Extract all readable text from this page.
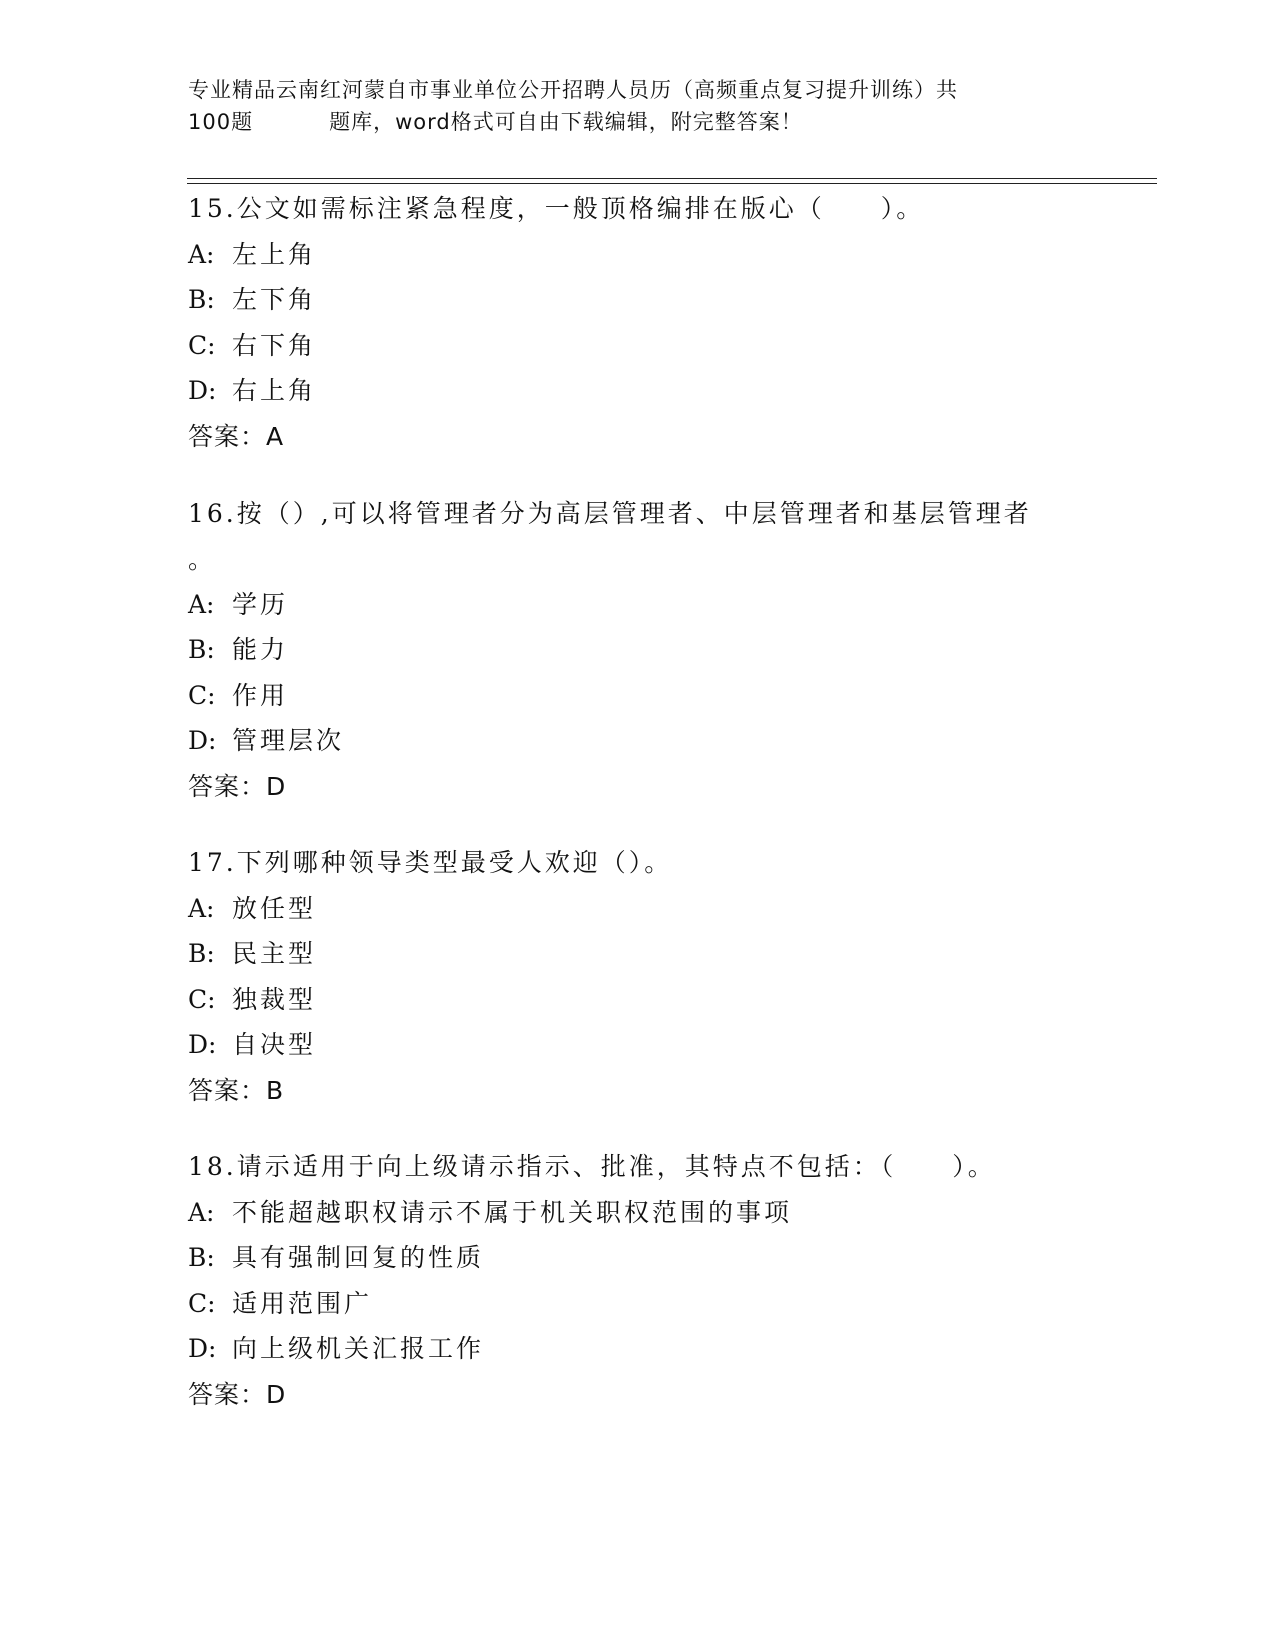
专业精品云南红河蒙自市事业单位公开招聘人员历（高频重点复习提升训练）共
100题	题库，word格式可自由下载编辑，附完整答案！
15.公文如需标注紧急程度，一般顶格编排在版心（　　）。
A: 左上角
B: 左下角
C: 右下角
D: 右上角
答案：A
16.按（）,可以将管理者分为高层管理者、中层管理者和基层管理者
。
A: 学历
B: 能力
C: 作用
D: 管理层次
答案：D
17.下列哪种领导类型最受人欢迎（）。
A: 放任型
B: 民主型
C: 独裁型
D: 自决型
答案：B
18.请示适用于向上级请示指示、批准，其特点不包括：（　　）。
A: 不能超越职权请示不属于机关职权范围的事项
B: 具有强制回复的性质
C: 适用范围广
D: 向上级机关汇报工作
答案：D
